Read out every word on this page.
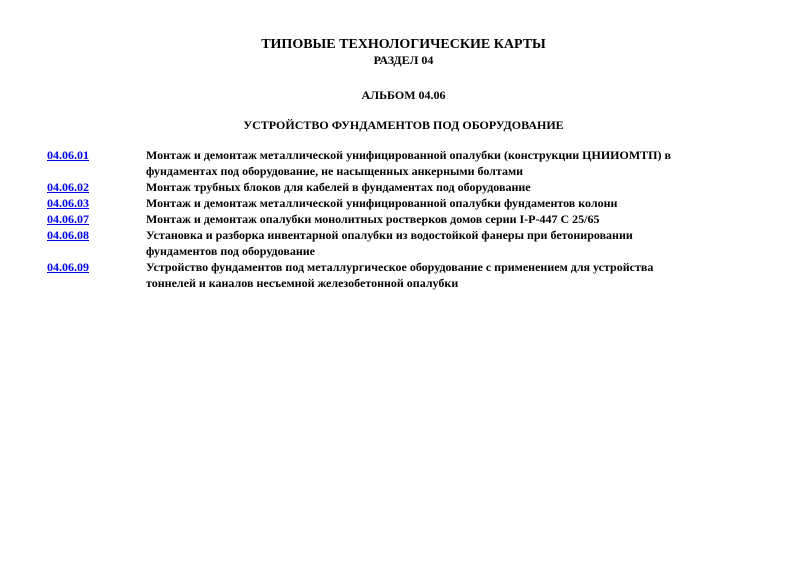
ТИПОВЫЕ ТЕХНОЛОГИЧЕСКИЕ КАРТЫ
РАЗДЕЛ 04
АЛЬБОМ 04.06
УСТРОЙСТВО ФУНДАМЕНТОВ ПОД ОБОРУДОВАНИЕ
04.06.01	Монтаж и демонтаж металлической унифицированной опалубки (конструкции ЦНИИОМТП) в
фундаментах под оборудование, не насыщенных анкерными болтами
04.06.02	Монтаж трубных блоков для кабелей в фундаментах под оборудование
04.06.03	Монтаж и демонтаж металлической унифицированной опалубки фундаментов колонн
04.06.07	Монтаж и демонтаж опалубки монолитных ростверков домов серии I-Р-447 С 25/65
04.06.08	Установка и разборка инвентарной опалубки из водостойкой фанеры при бетонировании
фундаментов под оборудование
04.06.09	Устройство фундаментов под металлургическое оборудование с применением для устройства
тоннелей и каналов несъемной железобетонной опалубки
